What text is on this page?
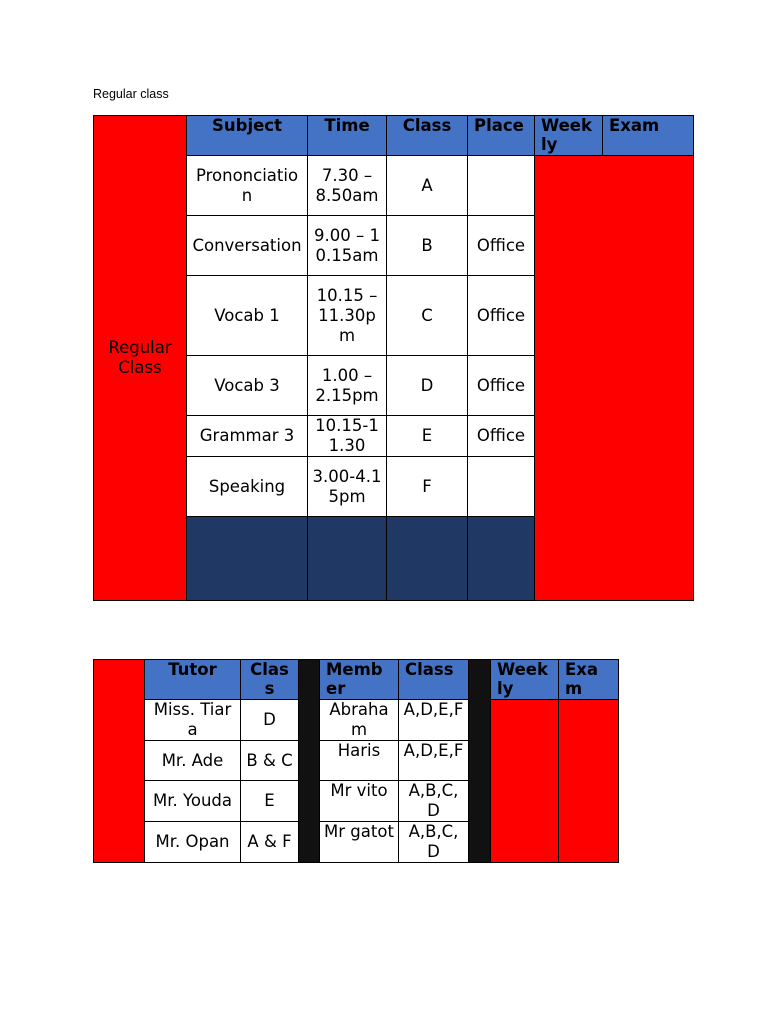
Regular class
Regular Class	Subject	Time	Class	Place	Weekly	Exam
	Prononciation	7.30 – 8.50am	A			
	Conversation	9.00 – 10.15am	B	Office		
	Vocab 1	10.15 – 11.30pm	C	Office		
	Vocab 3	1.00 – 2.15pm	D	Office		
	Grammar 3	10.15-11.30	E	Office		
	Speaking	3.00-4.15pm	F			

	Tutor	Class		Member	Class		Weekly	Exam
	Miss. Tiara	D		Abraham	A,D,E,F			
	Mr. Ade	B & C		Haris	A,D,E,F			
	Mr. Youda	E		Mr vito	A,B,C,D			
	Mr. Opan	A & F		Mr gatot	A,B,C,D			
